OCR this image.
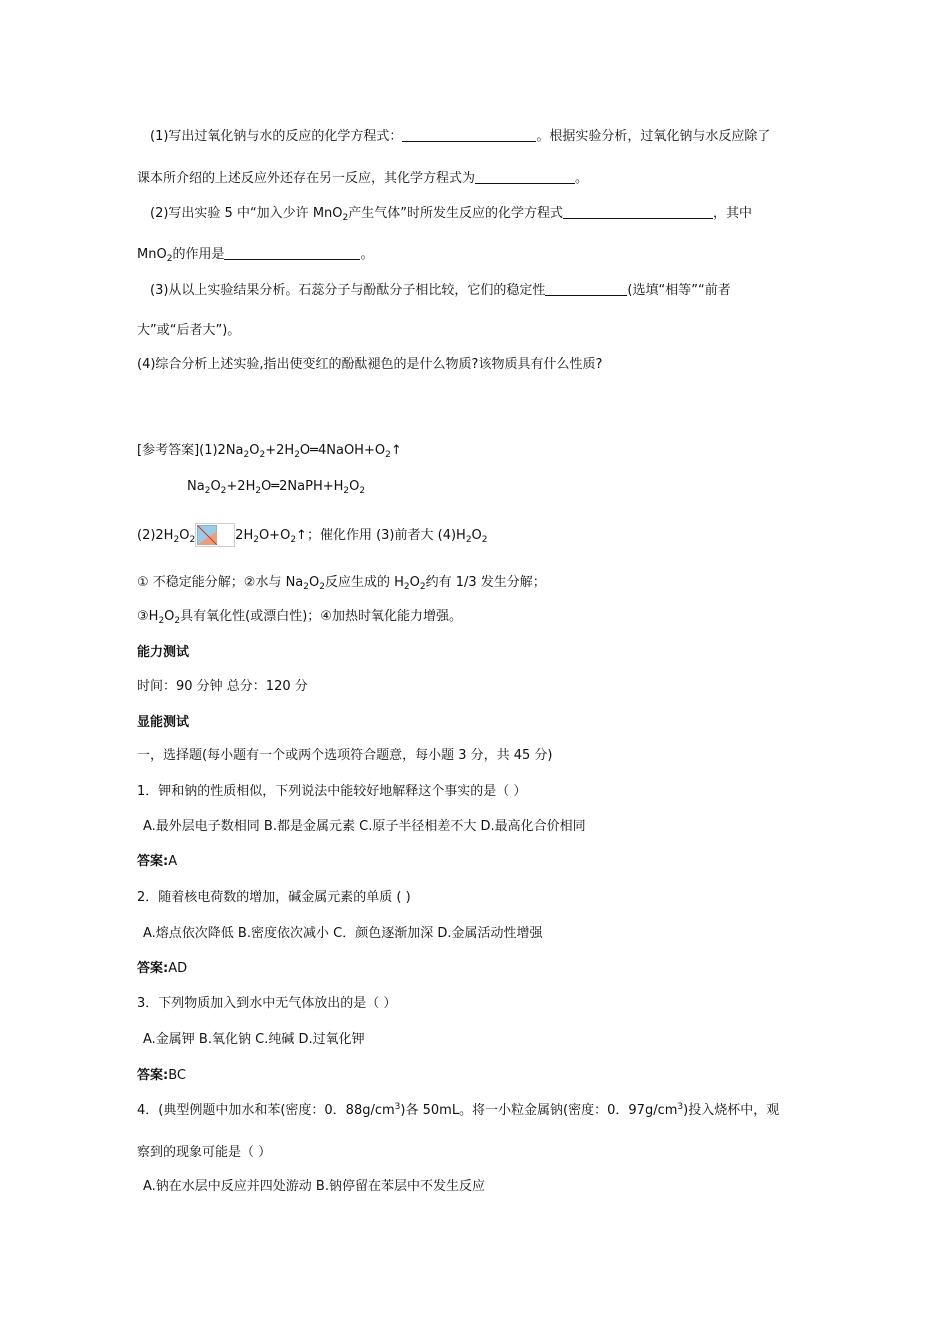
(1)写出过氧化钠与水的反应的化学方程式：	。根据实验分析，过氧化钠与水反应除了
课本所介绍的上述反应外还存在另一反应，其化学方程式为	。
(2)写出实验 5 中“加入少许 MnO$_2$产生气体”时所发生反应的化学方程式	，其中
MnO$_2$的作用是	。
(3)从以上实验结果分析。石蕊分子与酚酞分子相比较，它们的稳定性	(选填“相等”“前者
大”或“后者大”)。
(4)综合分析上述实验,指出使变红的酚酞褪色的是什么物质?该物质具有什么性质?
[参考答案]$(1)2Na_2O_2+2H_2O═4NaOH+O_2↑$
$Na_2O_2+2H_2O═2NaPH+H_2O_2$
$(2)2H_2O_2$	$2H_2O+O_2↑$；催化作用 (3)前者大 $(4)H_2O_2$
① 不稳定能分解；②水与 $Na_2O_2$反应生成的 $H_2O_2$约有 1/3 发生分解；
$③H_2O_2$具有氧化性(或漂白性)；④加热时氧化能力增强。
能力测试
时间：90 分钟 总分：120 分
显能测试
一，选择题(每小题有一个或两个选项符合题意，每小题 3 分，共 45 分)
1．钾和钠的性质相似，下列说法中能较好地解释这个事实的是（ ）
A.最外层电子数相同 B.都是金属元素 C.原子半径相差不大 D.最高化合价相同
答案:A
2．随着核电荷数的增加，碱金属元素的单质 ( )
A.熔点依次降低 B.密度依次减小 C．颜色逐渐加深 D.金属活动性增强
答案:AD
3．下列物质加入到水中无气体放出的是（ ）
A.金属钾 B.氧化钠 C.纯碱 D.过氧化钾
答案:BC
4．(典型例题中加水和苯(密度：0．$88g/cm^3$)各 50mL。将一小粒金属钠(密度：0．$97g/cm^3$)投入烧杯中，观
察到的现象可能是（ ）
A.钠在水层中反应并四处游动 B.钠停留在苯层中不发生反应
